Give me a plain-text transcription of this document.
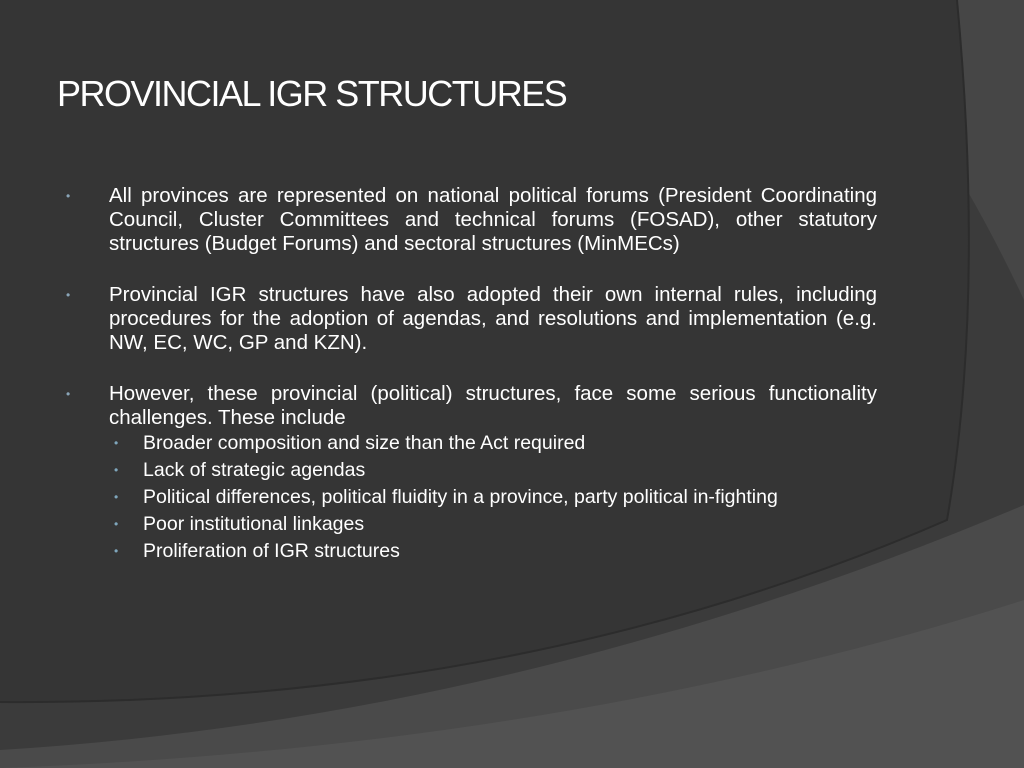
PROVINCIAL IGR STRUCTURES
•	All provinces are represented on national political forums (President Coordinating Council, Cluster Committees and technical forums (FOSAD), other statutory structures (Budget Forums) and sectoral structures (MinMECs)
•	Provincial IGR structures have also adopted their own internal rules, including procedures for the adoption of agendas, and resolutions and implementation (e.g. NW, EC, WC, GP and KZN).
•	However, these provincial (political) structures, face some serious functionality challenges. These include
•	Broader composition and size than the Act required
•	Lack of strategic agendas
•	Political differences, political fluidity in a province, party political in-fighting
•	Poor institutional linkages
•	Proliferation of IGR structures
